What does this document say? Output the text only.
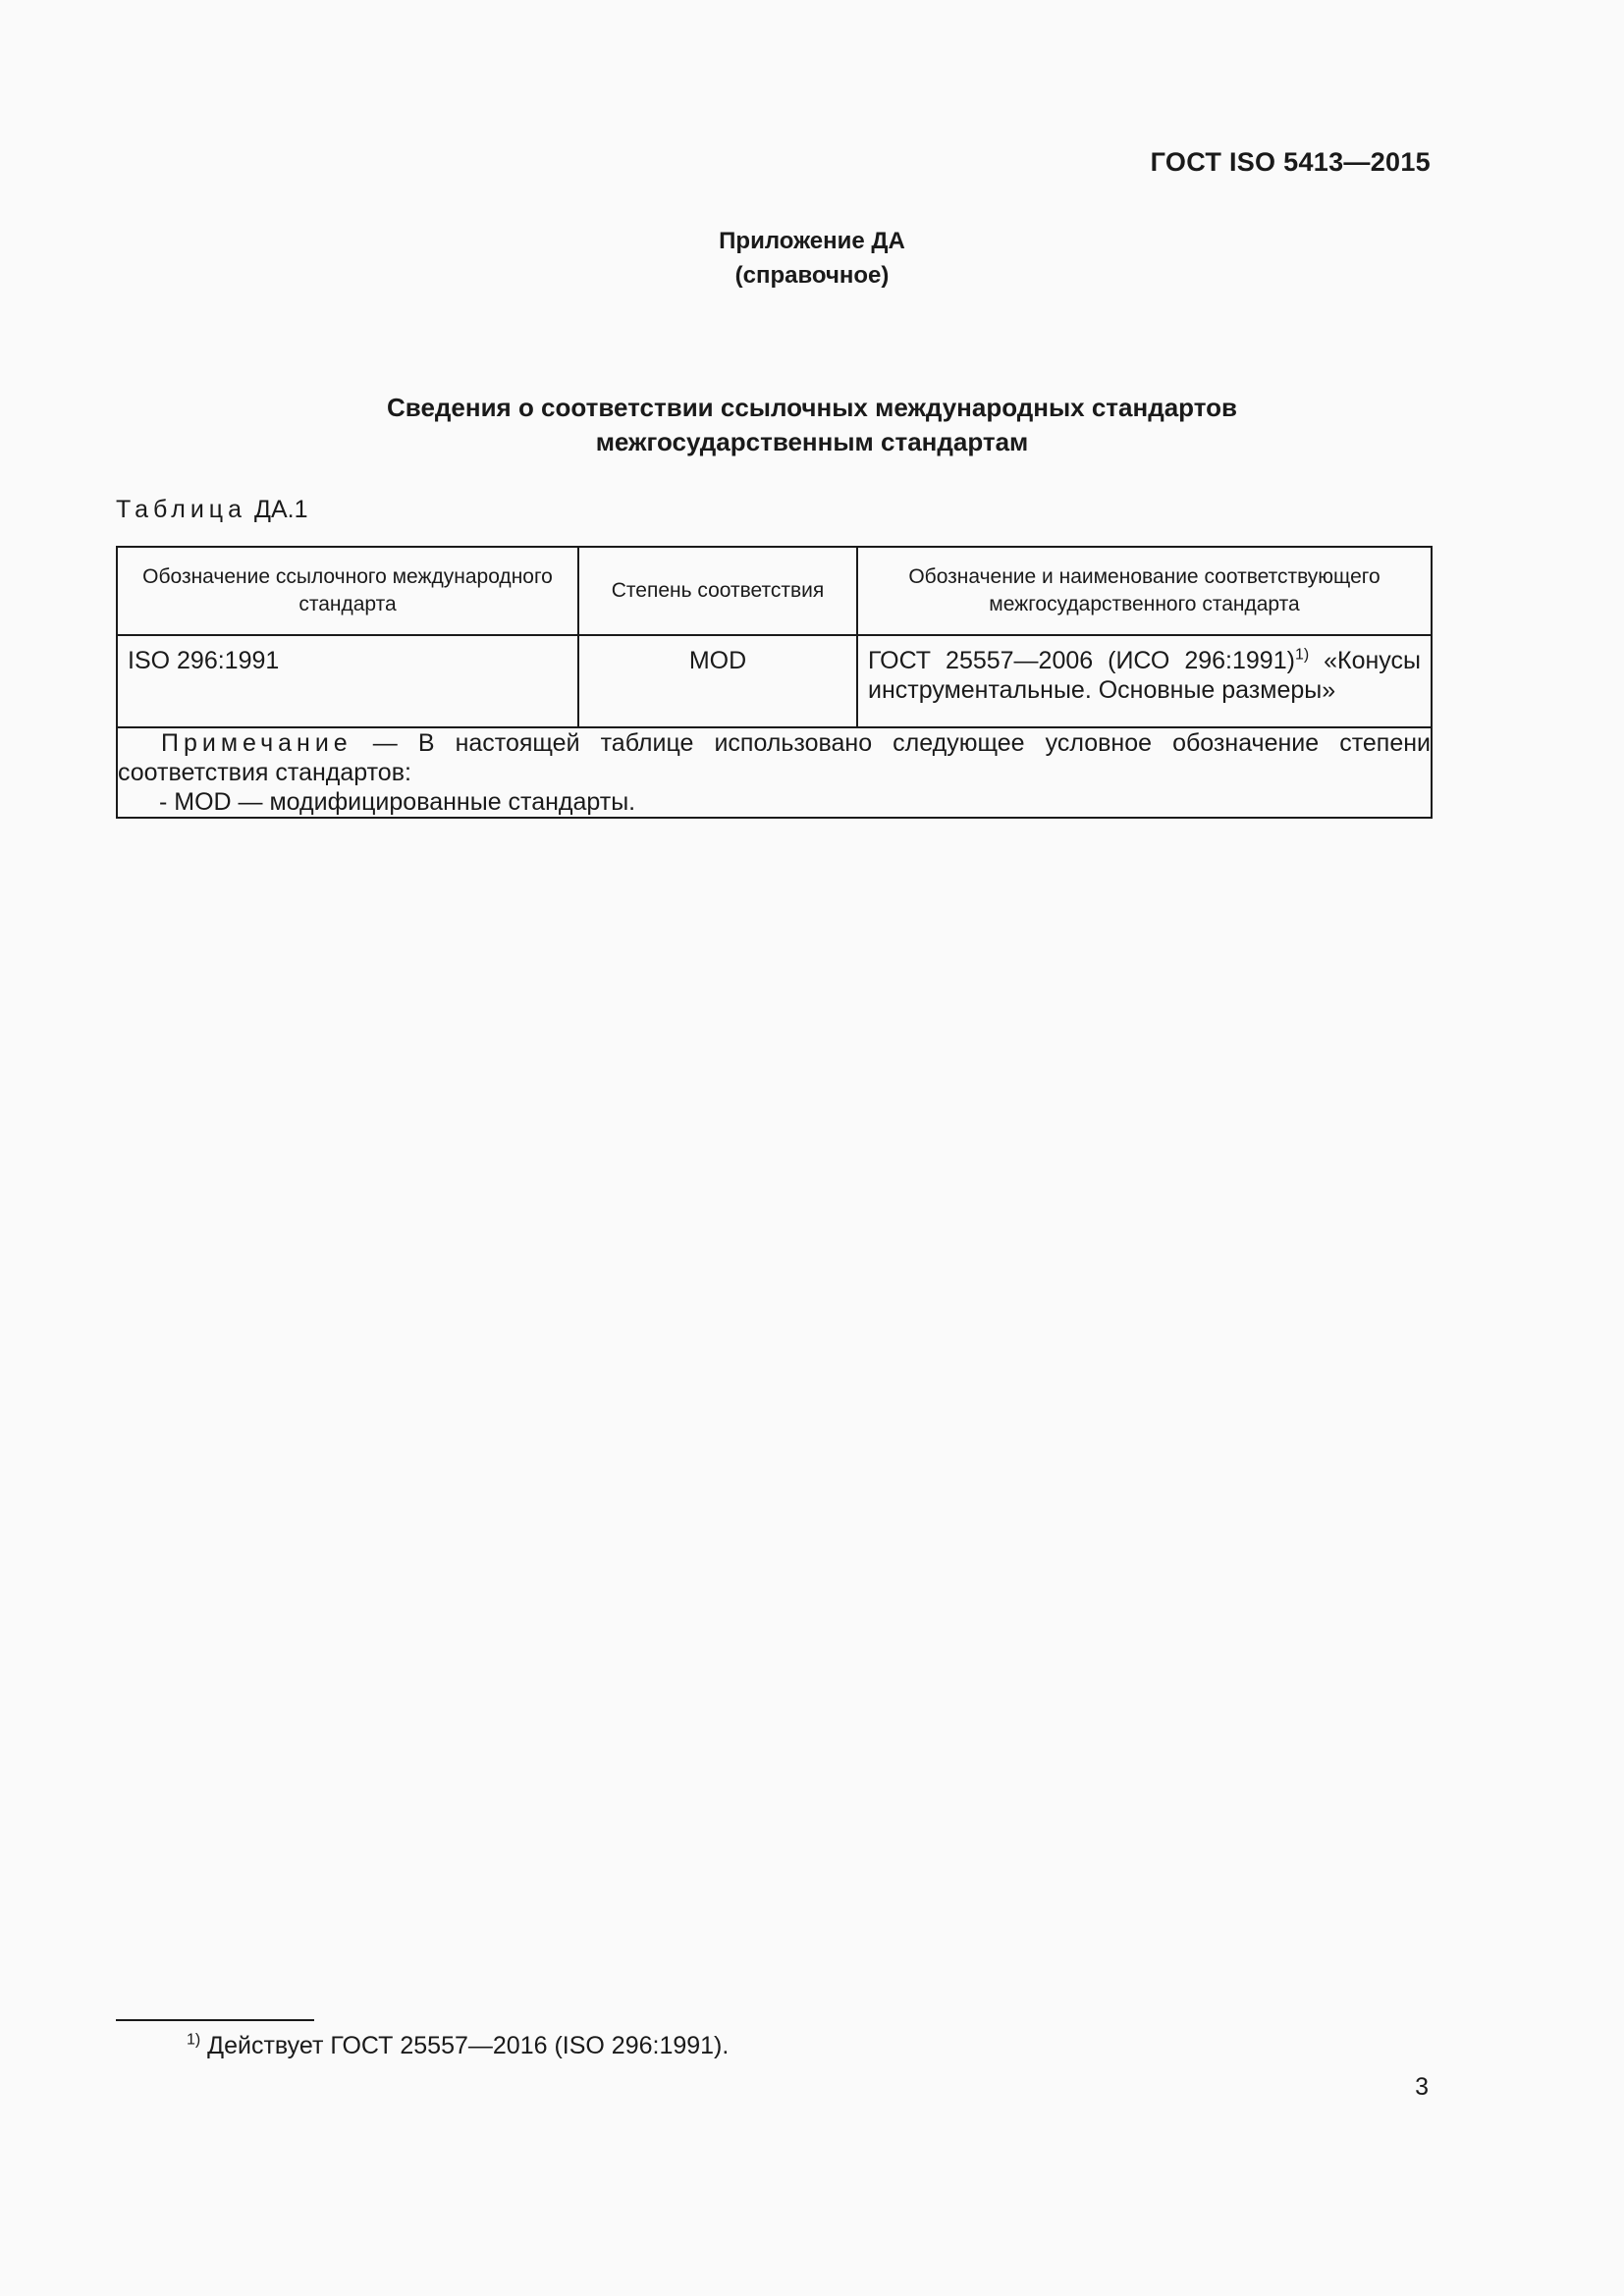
ГОСТ ISO 5413—2015
Приложение ДА
(справочное)
Сведения о соответствии ссылочных международных стандартов
межгосударственным стандартам
Таблица ДА.1
Обозначение ссылочного международного стандарта	Степень соответствия	Обозначение и наименование соответствующего межгосударственного стандарта
ISO 296:1991	MOD	ГОСТ 25557—2006 (ИСО 296:1991)$^{1)}$ «Конусы инструментальные. Основные размеры»

Примечание — В настоящей таблице использовано следующее условное обозначение степени соответствия стандартов:
- MOD — модифицированные стандарты.		
$^{1)}$ Действует ГОСТ 25557—2016 (ISO 296:1991).
3
